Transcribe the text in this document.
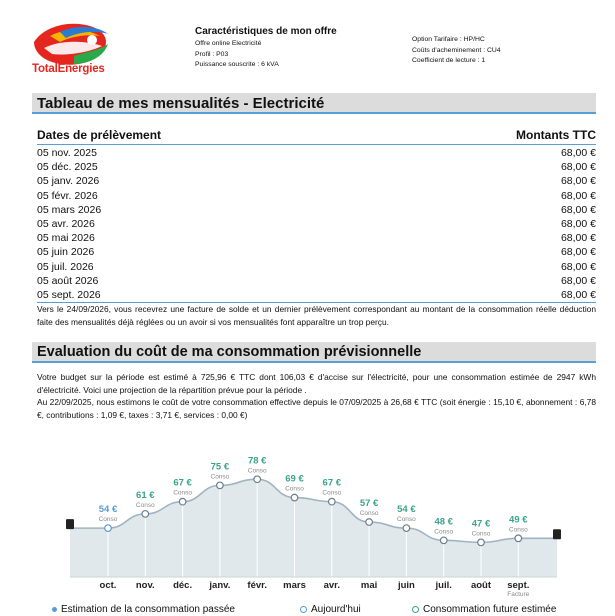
TotalEnergies
Caractéristiques de mon offre
Offre online Electricité
Profil : P03
Puissance souscrite : 6 kVA
Option Tarifaire : HP/HC
Coûts d'acheminement : CU4
Coefficient de lecture : 1
Tableau de mes mensualités - Electricité
Dates de prélèvement	Montants TTC
05 nov. 2025	68,00 €
05 déc. 2025	68,00 €
05 janv. 2026	68,00 €
05 févr. 2026	68,00 €
05 mars 2026	68,00 €
05 avr. 2026	68,00 €
05 mai 2026	68,00 €
05 juin 2026	68,00 €
05 juil. 2026	68,00 €
05 août 2026	68,00 €
05 sept. 2026	68,00 €
Vers le 24/09/2026, vous recevrez une facture de solde et un dernier prélèvement correspondant au montant de la consommation réelle déduction faite des mensualités déjà réglées ou un avoir si vos mensualités font apparaître un trop perçu.
Evaluation du coût de ma consommation prévisionnelle
Votre budget sur la période est estimé à 725,96 € TTC dont 106,03 € d'accise sur l'électricité, pour une consommation estimée de 2947 kWh d'électricité. Voici une projection de la répartition prévue pour la période .
Au 22/09/2025, nous estimons le coût de votre consommation effective depuis le 07/09/2025 à 26,68 € TTC (soit énergie : 15,10 €, abonnement : 6,78 €, contributions : 1,09 €, taxes : 3,71 €, services : 0,00 €)
54 €
Conso
oct.
61 €
Conso
nov.
67 €
Conso
déc.
75 €
Conso
janv.
78 €
Conso
févr.
69 €
Conso
mars
67 €
Conso
avr.
57 €
Conso
mai
54 €
Conso
juin
48 €
Conso
juil.
47 €
Conso
août
49 €
Conso
sept.
Facture
Estimation de la consommation passée	Aujourd'hui	Consommation future estimée
